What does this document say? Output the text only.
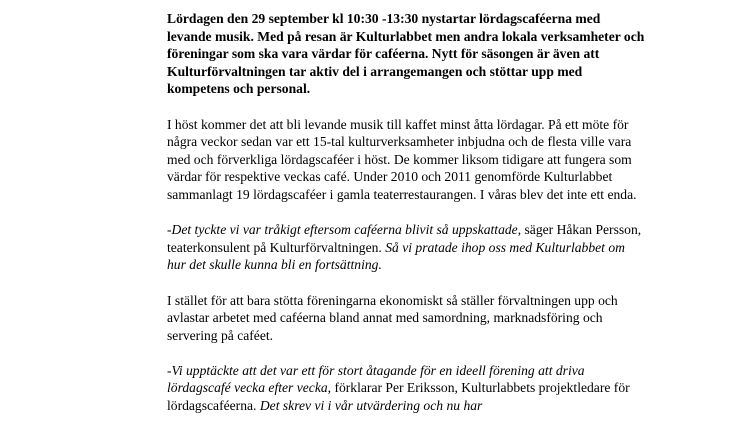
Lördagen den 29 september kl 10:30 -13:30 nystartar lördagscaféerna med levande musik. Med på resan är Kulturlabbet men andra lokala verksamheter och föreningar som ska vara värdar för caféerna. Nytt för säsongen är även att Kulturförvaltningen tar aktiv del i arrangemangen och stöttar upp med kompetens och personal.

I höst kommer det att bli levande musik till kaffet minst åtta lördagar. På ett möte för några veckor sedan var ett 15-tal kulturverksamheter inbjudna och de flesta ville vara med och förverkliga lördagscaféer i höst. De kommer liksom tidigare att fungera som värdar för respektive veckas café. Under 2010 och 2011 genomförde Kulturlabbet sammanlagt 19 lördagscaféer i gamla teaterrestaurangen. I våras blev det inte ett enda.

-Det tyckte vi var tråkigt eftersom caféerna blivit så uppskattade, säger Håkan Persson, teaterkonsulent på Kulturförvaltningen. Så vi pratade ihop oss med Kulturlabbet om hur det skulle kunna bli en fortsättning.

I stället för att bara stötta föreningarna ekonomiskt så ställer förvaltningen upp och avlastar arbetet med caféerna bland annat med samordning, marknadsföring och servering på caféet.

-Vi upptäckte att det var ett för stort åtagande för en ideell förening att driva lördagscafé vecka efter vecka, förklarar Per Eriksson, Kulturlabbets projektledare för lördagscaféerna. Det skrev vi i vår utvärdering och nu har
